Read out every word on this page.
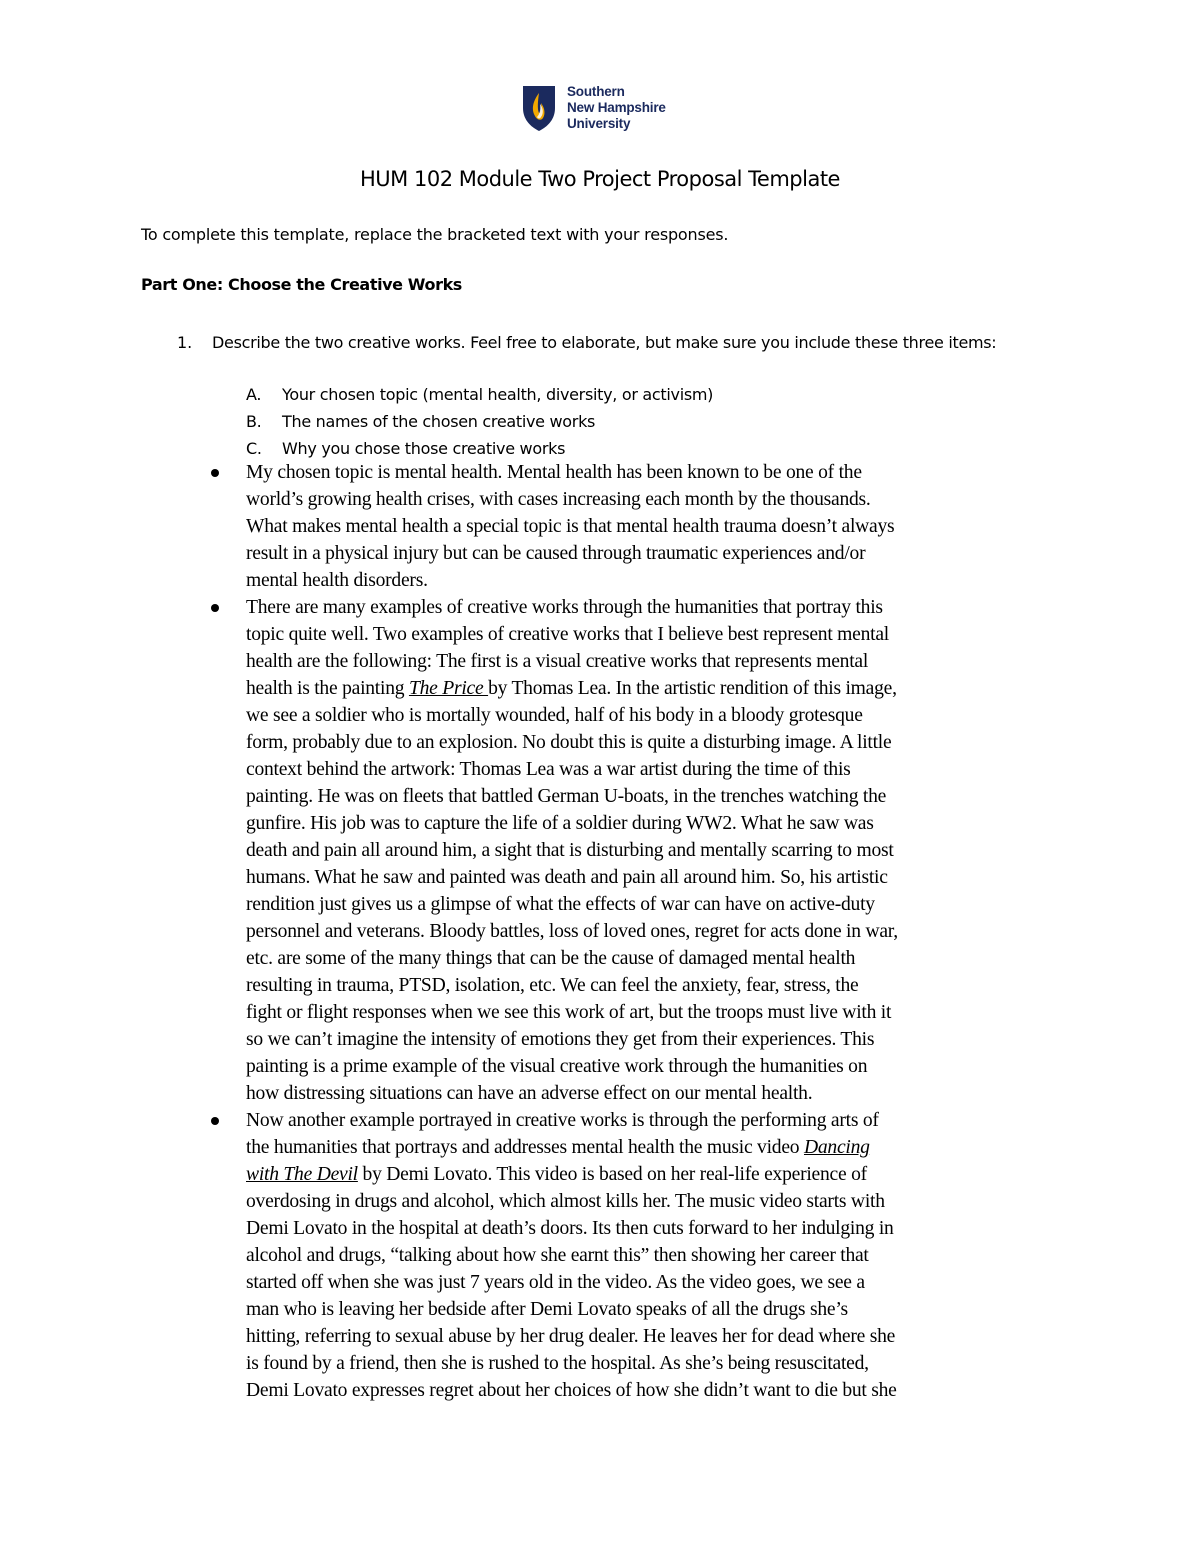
Southern
New Hampshire
University
HUM 102 Module Two Project Proposal Template
To complete this template, replace the bracketed text with your responses.
Part One: Choose the Creative Works
1. Describe the two creative works. Feel free to elaborate, but make sure you include these three items:
A. Your chosen topic (mental health, diversity, or activism)
B. The names of the chosen creative works
C. Why you chose those creative works
My chosen topic is mental health. Mental health has been known to be one of the
world’s growing health crises, with cases increasing each month by the thousands.
What makes mental health a special topic is that mental health trauma doesn’t always
result in a physical injury but can be caused through traumatic experiences and/or
mental health disorders.
There are many examples of creative works through the humanities that portray this
topic quite well. Two examples of creative works that I believe best represent mental
health are the following: The first is a visual creative works that represents mental
health is the painting The Price by Thomas Lea. In the artistic rendition of this image,
we see a soldier who is mortally wounded, half of his body in a bloody grotesque
form, probably due to an explosion. No doubt this is quite a disturbing image. A little
context behind the artwork: Thomas Lea was a war artist during the time of this
painting. He was on fleets that battled German U-boats, in the trenches watching the
gunfire. His job was to capture the life of a soldier during WW2. What he saw was
death and pain all around him, a sight that is disturbing and mentally scarring to most
humans. What he saw and painted was death and pain all around him. So, his artistic
rendition just gives us a glimpse of what the effects of war can have on active-duty
personnel and veterans. Bloody battles, loss of loved ones, regret for acts done in war,
etc. are some of the many things that can be the cause of damaged mental health
resulting in trauma, PTSD, isolation, etc. We can feel the anxiety, fear, stress, the
fight or flight responses when we see this work of art, but the troops must live with it
so we can’t imagine the intensity of emotions they get from their experiences. This
painting is a prime example of the visual creative work through the humanities on
how distressing situations can have an adverse effect on our mental health.
Now another example portrayed in creative works is through the performing arts of
the humanities that portrays and addresses mental health the music video Dancing
with The Devil by Demi Lovato. This video is based on her real-life experience of
overdosing in drugs and alcohol, which almost kills her. The music video starts with
Demi Lovato in the hospital at death’s doors. Its then cuts forward to her indulging in
alcohol and drugs, “talking about how she earnt this” then showing her career that
started off when she was just 7 years old in the video. As the video goes, we see a
man who is leaving her bedside after Demi Lovato speaks of all the drugs she’s
hitting, referring to sexual abuse by her drug dealer. He leaves her for dead where she
is found by a friend, then she is rushed to the hospital. As she’s being resuscitated,
Demi Lovato expresses regret about her choices of how she didn’t want to die but she
